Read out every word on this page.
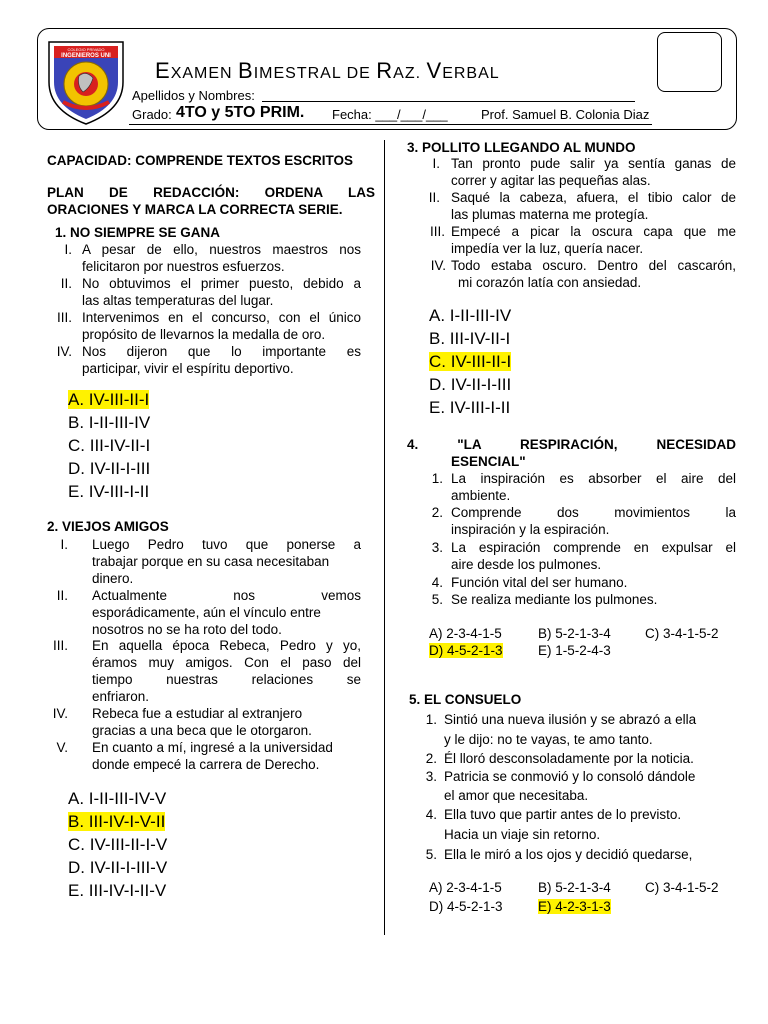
COLEGIO PRIVADO
INGENIEROS UNI
EXAMEN BIMESTRAL DE RAZ. VERBAL
Apellidos y Nombres:
Grado: 4TO y 5TO PRIM. Fecha: ___/___/___	Prof. Samuel B. Colonia Diaz
CAPACIDAD: COMPRENDE TEXTOS ESCRITOS
PLAN DE REDACCIÓN: ORDENA LAS
ORACIONES Y MARCA LA CORRECTA SERIE.
1. NO SIEMPRE SE GANA
I. A pesar de ello, nuestros maestros nos
felicitaron por nuestros esfuerzos.
II. No obtuvimos el primer puesto, debido a
las altas temperaturas del lugar.
III. Intervenimos en el concurso, con el único
propósito de llevarnos la medalla de oro.
IV. Nos dijeron que lo importante es
participar, vivir el espíritu deportivo.
A. IV-III-II-I
B. I-II-III-IV
C. III-IV-II-I
D. IV-II-I-III
E. IV-III-I-II
2. VIEJOS AMIGOS
I. Luego Pedro tuvo que ponerse a
trabajar porque en su casa necesitaban
dinero.
II. Actualmente nos vemos
esporádicamente, aún el vínculo entre
nosotros no se ha roto del todo.
III. En aquella época Rebeca, Pedro y yo,
éramos muy amigos. Con el paso del
tiempo nuestras relaciones se
enfriaron.
IV. Rebeca fue a estudiar al extranjero
gracias a una beca que le otorgaron.
V. En cuanto a mí, ingresé a la universidad
donde empecé la carrera de Derecho.
A. I-II-III-IV-V
B. III-IV-I-V-II
C. IV-III-II-I-V
D. IV-II-I-III-V
E. III-IV-I-II-V
3. POLLITO LLEGANDO AL MUNDO
I. Tan pronto pude salir ya sentía ganas de
correr y agitar las pequeñas alas.
II. Saqué la cabeza, afuera, el tibio calor de
las plumas materna me protegía.
III. Empecé a picar la oscura capa que me
impedía ver la luz, quería nacer.
IV. Todo estaba oscuro. Dentro del cascarón,
mi corazón latía con ansiedad.
A. I-II-III-IV
B. III-IV-II-I
C. IV-III-II-I
D. IV-II-I-III
E. IV-III-I-II
4. "LA RESPIRACIÓN, NECESIDAD
ESENCIAL"
1. La inspiración es absorber el aire del
ambiente.
2. Comprende dos movimientos la
inspiración y la espiración.
3. La espiración comprende en expulsar el
aire desde los pulmones.
4. Función vital del ser humano.
5. Se realiza mediante los pulmones.
A) 2-3-4-1-5	B) 5-2-1-3-4	C) 3-4-1-5-2
D) 4-5-2-1-3	E) 1-5-2-4-3
5. EL CONSUELO
1. Sintió una nueva ilusión y se abrazó a ella
y le dijo: no te vayas, te amo tanto.
2. Él lloró desconsoladamente por la noticia.
3. Patricia se conmovió y lo consoló dándole
el amor que necesitaba.
4. Ella tuvo que partir antes de lo previsto.
Hacia un viaje sin retorno.
5. Ella le miró a los ojos y decidió quedarse,
A) 2-3-4-1-5	B) 5-2-1-3-4	C) 3-4-1-5-2
D) 4-5-2-1-3	E) 4-2-3-1-3
